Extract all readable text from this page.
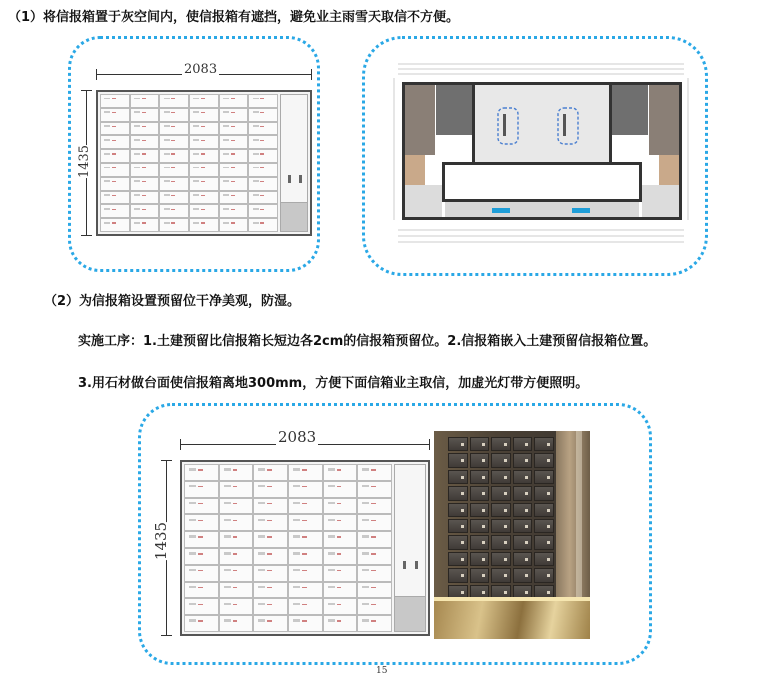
（1）将信报箱置于灰空间内，使信报箱有遮挡，避免业主雨雪天取信不方便。
2083
1435
（2）为信报箱设置预留位干净美观，防湿。
实施工序：1.土建预留比信报箱长短边各2cm的信报箱预留位。2.信报箱嵌入土建预留信报箱位置。
3.用石材做台面使信报箱离地300mm，方便下面信箱业主取信，加虚光灯带方便照明。
2083
1435
15
